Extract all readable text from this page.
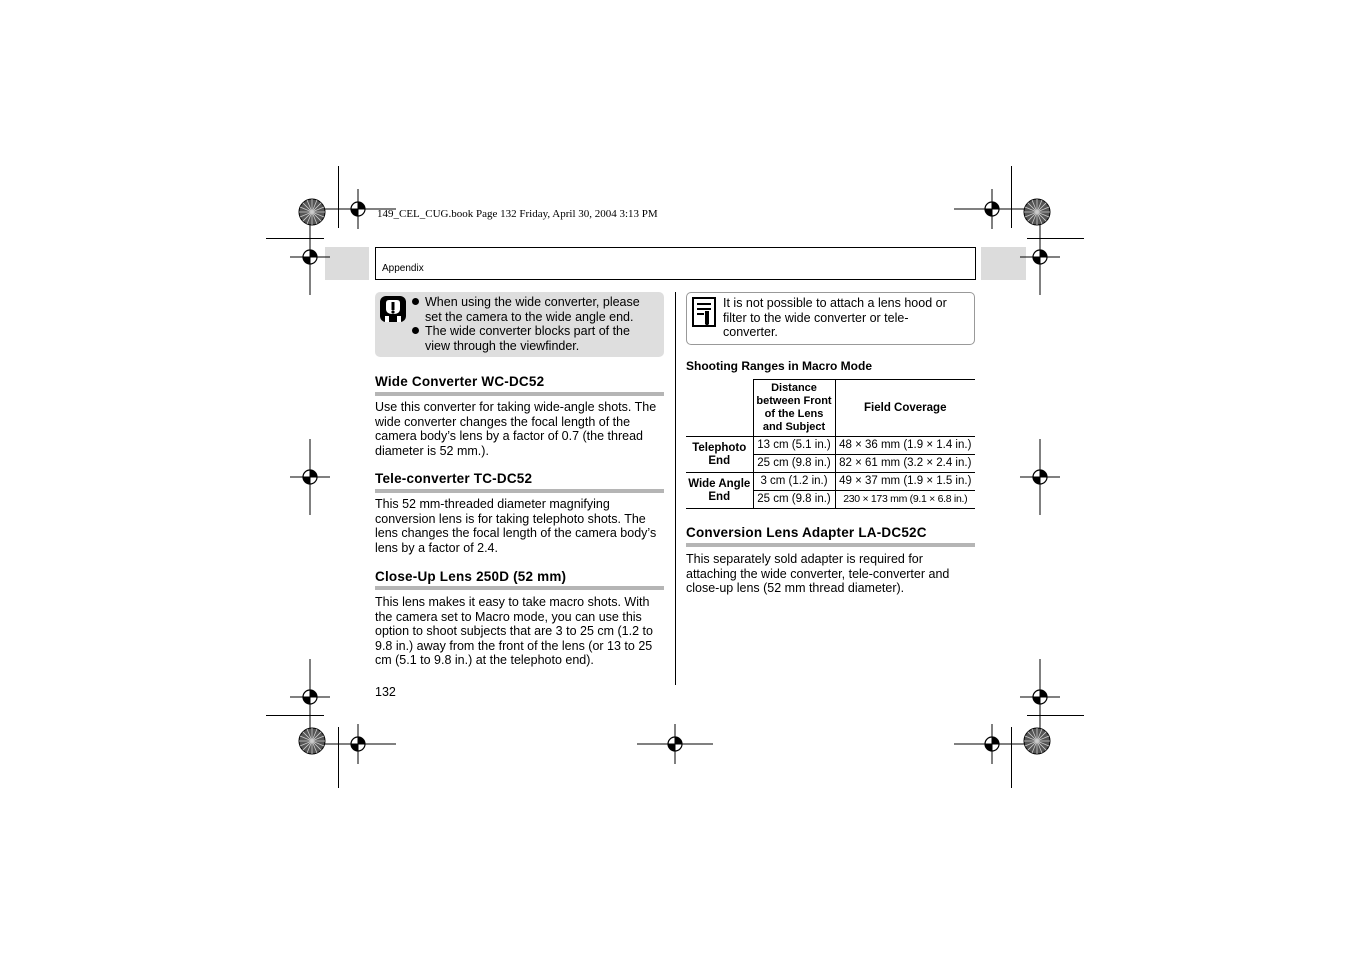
149_CEL_CUG.book Page 132 Friday, April 30, 2004 3:13 PM
Appendix
When using the wide converter, please set the camera to the wide angle end.
The wide converter blocks part of the view through the viewfinder.
Wide Converter WC-DC52

Use this converter for taking wide-angle shots. The wide converter changes the focal length of the camera body’s lens by a factor of 0.7 (the thread diameter is 52 mm.).

Tele-converter TC-DC52

This 52 mm-threaded diameter magnifying conversion lens is for taking telephoto shots. The lens changes the focal length of the camera body’s lens by a factor of 2.4.

Close-Up Lens 250D (52 mm)

This lens makes it easy to take macro shots. With the camera set to Macro mode, you can use this option to shoot subjects that are 3 to 25 cm (1.2 to 9.8 in.) away from the front of the lens (or 13 to 25 cm (5.1 to 9.8 in.) at the telephoto end).

132

It is not possible to attach a lens hood or filter to the wide converter or tele-converter.

Shooting Ranges in Macro Mode
	Distance between Front of the Lens and Subject	Field Coverage
Telephoto End	13 cm (5.1 in.)	48 × 36 mm (1.9 × 1.4 in.)
	25 cm (9.8 in.)	82 × 61 mm (3.2 × 2.4 in.)
Wide Angle End	3 cm (1.2 in.)	49 × 37 mm (1.9 × 1.5 in.)
	25 cm (9.8 in.)	230 × 173 mm (9.1 × 6.8 in.)
Conversion Lens Adapter LA-DC52C

This separately sold adapter is required for attaching the wide converter, tele-converter and close-up lens (52 mm thread diameter).
